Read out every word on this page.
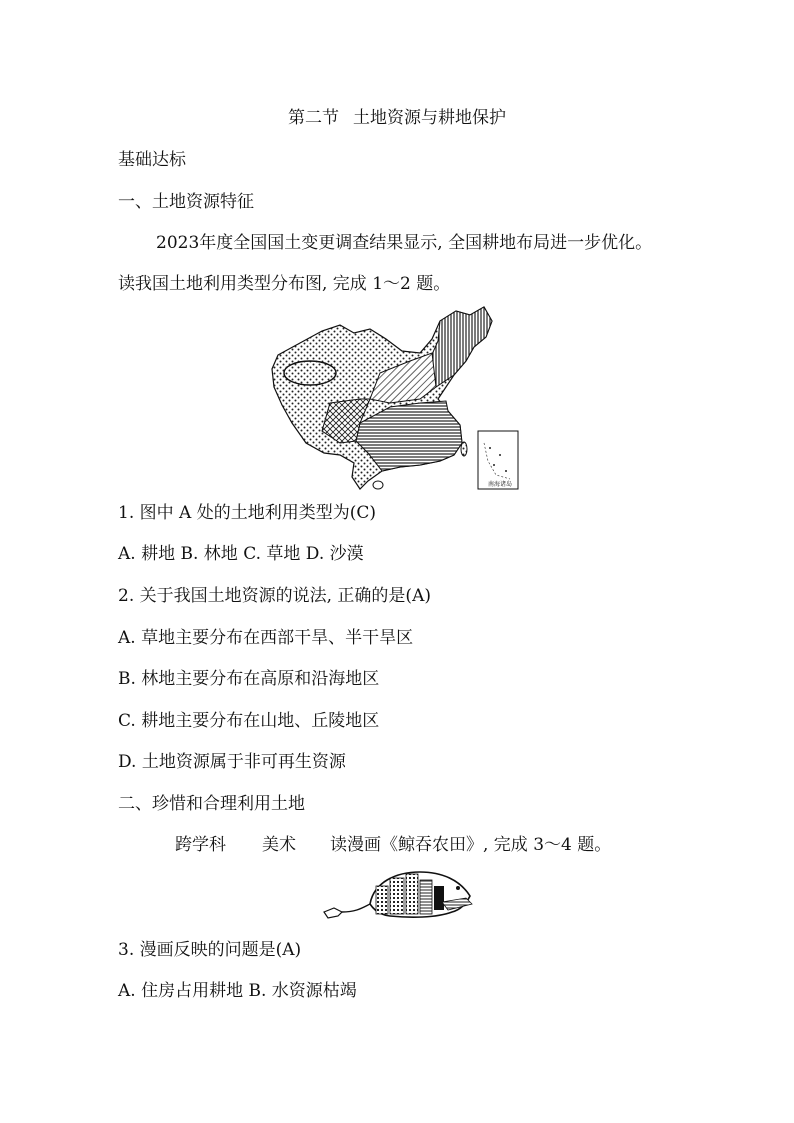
第二节 土地资源与耕地保护
基础达标
一、土地资源特征
2023年度全国国土变更调查结果显示, 全国耕地布局进一步优化。
读我国土地利用类型分布图, 完成 1～2 题。
南海诸岛
1. 图中 A 处的土地利用类型为(C)
A. 耕地 B. 林地 C. 草地 D. 沙漠
2. 关于我国土地资源的说法, 正确的是(A)
A. 草地主要分布在西部干旱、半干旱区
B. 林地主要分布在高原和沿海地区
C. 耕地主要分布在山地、丘陵地区
D. 土地资源属于非可再生资源
二、珍惜和合理利用土地
跨学科 美术 读漫画《鲸吞农田》, 完成 3～4 题。
3. 漫画反映的问题是(A)
A. 住房占用耕地 B. 水资源枯竭
